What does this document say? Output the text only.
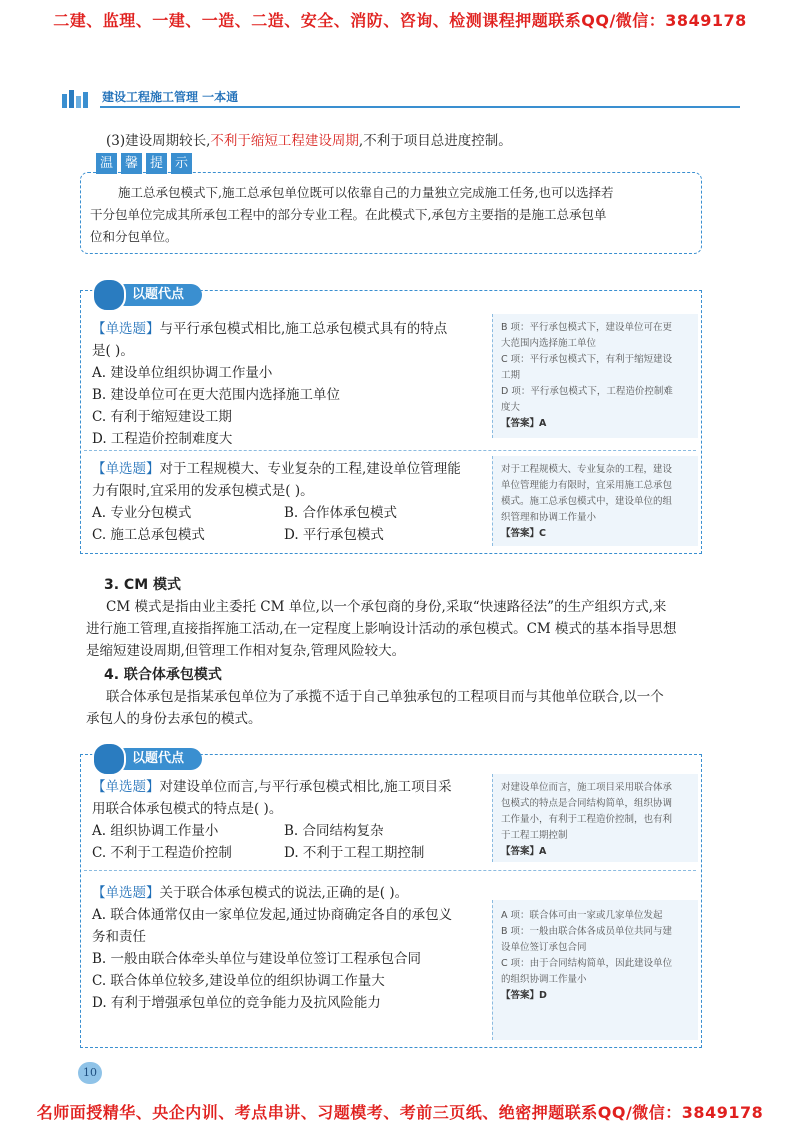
二建、监理、一建、一造、二造、安全、消防、咨询、检测课程押题联系QQ/微信：3849178
建设工程施工管理 一本通

(3)建设周期较长,不利于缩短工程建设周期,不利于项目总进度控制。

温 馨 提 示

施工总承包模式下,施工总承包单位既可以依靠自己的力量独立完成施工任务,也可以选择若

干分包单位完成其所承包工程中的部分专业工程。在此模式下,承包方主要指的是施工总承包单

位和分包单位。

以题代点
B 项：平行承包模式下，建设单位可在更
大范围内选择施工单位
C 项：平行承包模式下，有利于缩短建设
工期
D 项：平行承包模式下，工程造价控制难
度大
【答案】A

【单选题】与平行承包模式相比,施工总承包模式具有的特点

是( )。

A. 建设单位组织协调工作量小

B. 建设单位可在更大范围内选择施工单位

C. 有利于缩短建设工期

D. 工程造价控制难度大

对于工程规模大、专业复杂的工程，建设
单位管理能力有限时，宜采用施工总承包
模式。施工总承包模式中，建设单位的组
织管理和协调工作量小
【答案】C

【单选题】对于工程规模大、专业复杂的工程,建设单位管理能

力有限时,宜采用的发承包模式是( )。

A. 专业分包模式	B. 合作体承包模式

C. 施工总承包模式	D. 平行承包模式

3. CM 模式

CM 模式是指由业主委托 CM 单位,以一个承包商的身份,采取“快速路径法”的生产组织方式,来

进行施工管理,直接指挥施工活动,在一定程度上影响设计活动的承包模式。CM 模式的基本指导思想

是缩短建设周期,但管理工作相对复杂,管理风险较大。

4. 联合体承包模式

联合体承包是指某承包单位为了承揽不适于自己单独承包的工程项目而与其他单位联合,以一个

承包人的身份去承包的模式。

以题代点
对建设单位而言，施工项目采用联合体承
包模式的特点是合同结构简单，组织协调
工作量小，有利于工程造价控制，也有利
于工程工期控制
【答案】A

【单选题】对建设单位而言,与平行承包模式相比,施工项目采

用联合体承包模式的特点是( )。

A. 组织协调工作量小	B. 合同结构复杂

C. 不利于工程造价控制	D. 不利于工程工期控制

A 项：联合体可由一家或几家单位发起
B 项：一般由联合体各成员单位共同与建
设单位签订承包合同
C 项：由于合同结构简单，因此建设单位
的组织协调工作量小
【答案】D

【单选题】关于联合体承包模式的说法,正确的是( )。

A. 联合体通常仅由一家单位发起,通过协商确定各自的承包义

务和责任

B. 一般由联合体牵头单位与建设单位签订工程承包合同

C. 联合体单位较多,建设单位的组织协调工作量大

D. 有利于增强承包单位的竞争能力及抗风险能力

10
名师面授精华、央企内训、考点串讲、习题模考、考前三页纸、绝密押题联系QQ/微信：3849178
